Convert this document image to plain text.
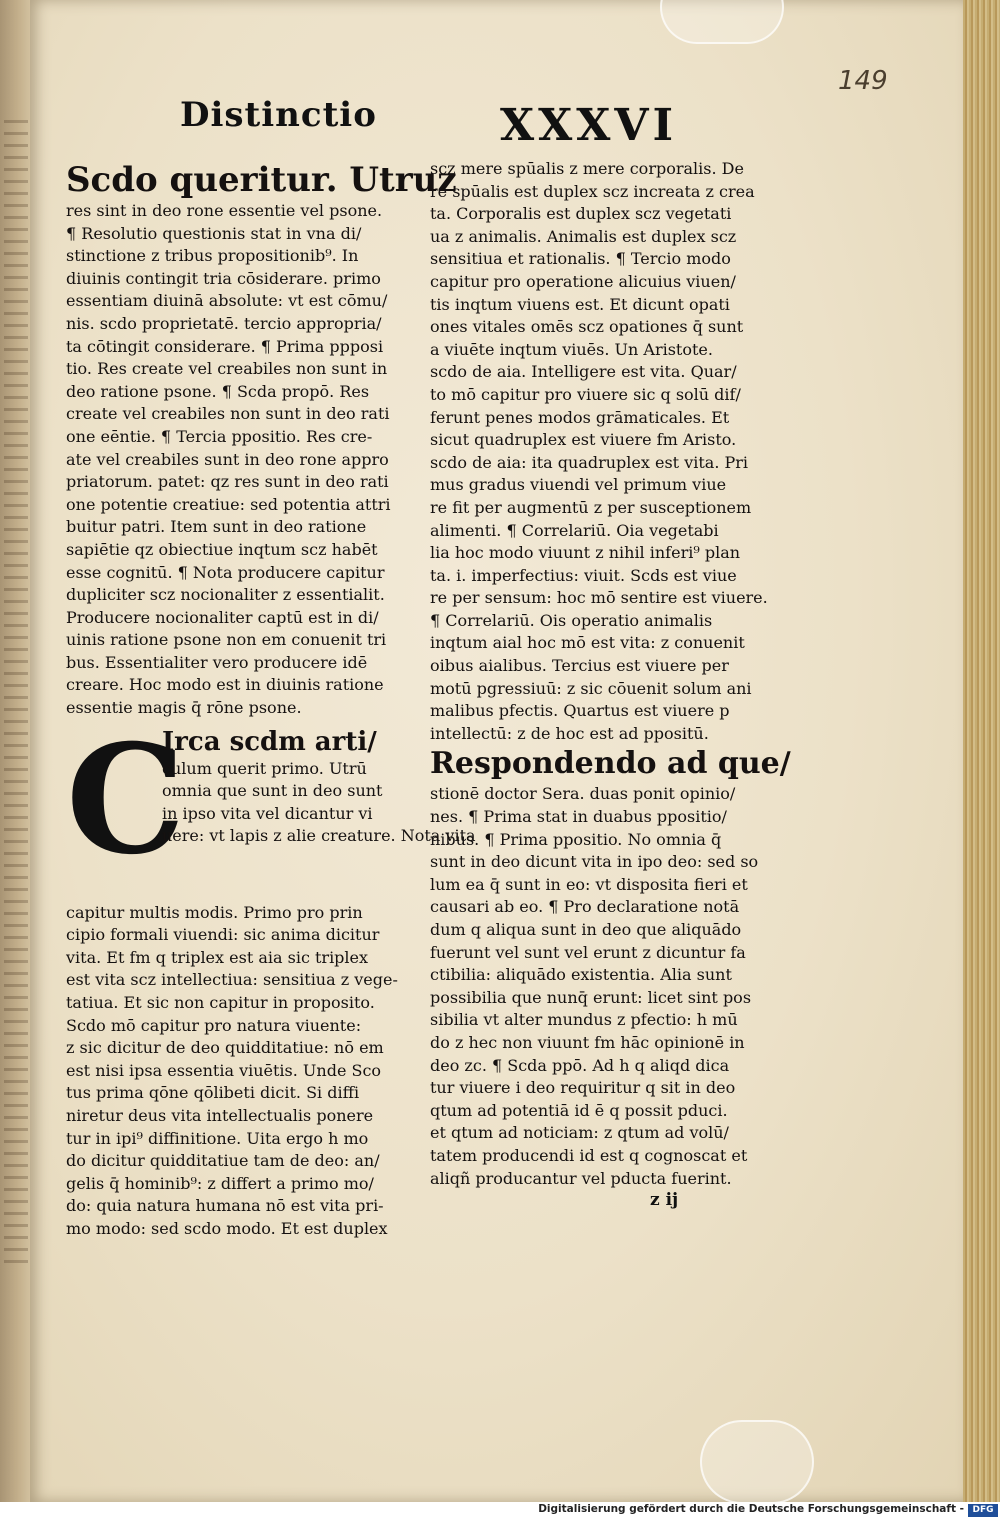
149
Distinctio	XXXVI

Scdo queritur. Utruz

res sint in deo rone essentie vel psone.

¶ Resolutio questionis stat in vna di/

stinctione z tribus propositionib⁹. In

diuinis contingit tria cōsiderare. primo

essentiam diuinā absolute: vt est cōmu/

nis. scdo proprietatē. tercio appropria/

ta cōtingit considerare. ¶ Prima ppposi

tio. Res create vel creabiles non sunt in

deo ratione psone. ¶ Scda propō. Res

create vel creabiles non sunt in deo rati

one eēntie. ¶ Tercia ppositio. Res cre-

ate vel creabiles sunt in deo rone appro

priatorum. patet: qz res sunt in deo rati

one potentie creatiue: sed potentia attri

buitur patri. Item sunt in deo ratione

sapiētie qz obiectiue inqtum scz habēt

esse cognitū. ¶ Nota producere capitur

dupliciter scz nocionaliter z essentialit.

Producere nocionaliter captū est in di/

uinis ratione psone non em conuenit tri

bus. Essentialiter vero producere idē

creare. Hoc modo est in diuinis ratione

essentie magis q̄ rōne psone.

C

Irca scdm arti/

culum querit primo. Utrū

omnia que sunt in deo sunt

in ipso vita vel dicantur vi

uere: vt lapis z alie creature. Nota vita

capitur multis modis. Primo pro prin

cipio formali viuendi: sic anima dicitur

vita. Et fm q triplex est aia sic triplex

est vita scz intellectiua: sensitiua z vege-

tatiua. Et sic non capitur in proposito.

Scdo mō capitur pro natura viuente:

z sic dicitur de deo quidditatiue: nō em

est nisi ipsa essentia viuētis. Unde Sco

tus prima qōne qōlibeti dicit. Si diffi

niretur deus vita intellectualis ponere

tur in ipi⁹ diffinitione. Uita ergo h mo

do dicitur quidditatiue tam de deo: an/

gelis q̄ hominib⁹: z differt a primo mo/

do: quia natura humana nō est vita pri-

mo modo: sed scdo modo. Et est duplex

scz mere spūalis z mere corporalis. De

re spūalis est duplex scz increata z crea

ta. Corporalis est duplex scz vegetati

ua z animalis. Animalis est duplex scz

sensitiua et rationalis. ¶ Tercio modo

capitur pro operatione alicuius viuen/

tis inqtum viuens est. Et dicunt opati

ones vitales omēs scz opationes q̄ sunt

a viuēte inqtum viuēs. Un Aristote.

scdo de aia. Intelligere est vita. Quar/

to mō capitur pro viuere sic q solū dif/

ferunt penes modos grāmaticales. Et

sicut quadruplex est viuere fm Aristo.

scdo de aia: ita quadruplex est vita. Pri

mus gradus viuendi vel primum viue

re fit per augmentū z per susceptionem

alimenti. ¶ Correlariū. Oia vegetabi

lia hoc modo viuunt z nihil inferi⁹ plan

ta. i. imperfectius: viuit. Scds est viue

re per sensum: hoc mō sentire est viuere.

¶ Correlariū. Ois operatio animalis

inqtum aial hoc mō est vita: z conuenit

oibus aialibus. Tercius est viuere per

motū pgressiuū: z sic cōuenit solum ani

malibus pfectis. Quartus est viuere p

intellectū: z de hoc est ad ppositū.

Respondendo ad que/

stionē doctor Sera. duas ponit opinio/

nes. ¶ Prima stat in duabus ppositio/

nibus. ¶ Prima ppositio. No omnia q̄

sunt in deo dicunt vita in ipo deo: sed so

lum ea q̄ sunt in eo: vt disposita fieri et

causari ab eo. ¶ Pro declaratione notā

dum q aliqua sunt in deo que aliquādo

fuerunt vel sunt vel erunt z dicuntur fa

ctibilia: aliquādo existentia. Alia sunt

possibilia que nunq̄ erunt: licet sint pos

sibilia vt alter mundus z pfectio: h mū

do z hec non viuunt fm hāc opinionē in

deo zc. ¶ Scda ppō. Ad h q aliqd dica

tur viuere i deo requiritur q sit in deo

qtum ad potentiā id ē q possit pduci.

et qtum ad noticiam: z qtum ad volū/

tatem producendi id est q cognoscat et

aliqñ producantur vel pducta fuerint.

z ij
Digitalisierung gefördert durch die Deutsche Forschungsgemeinschaft - DFG
